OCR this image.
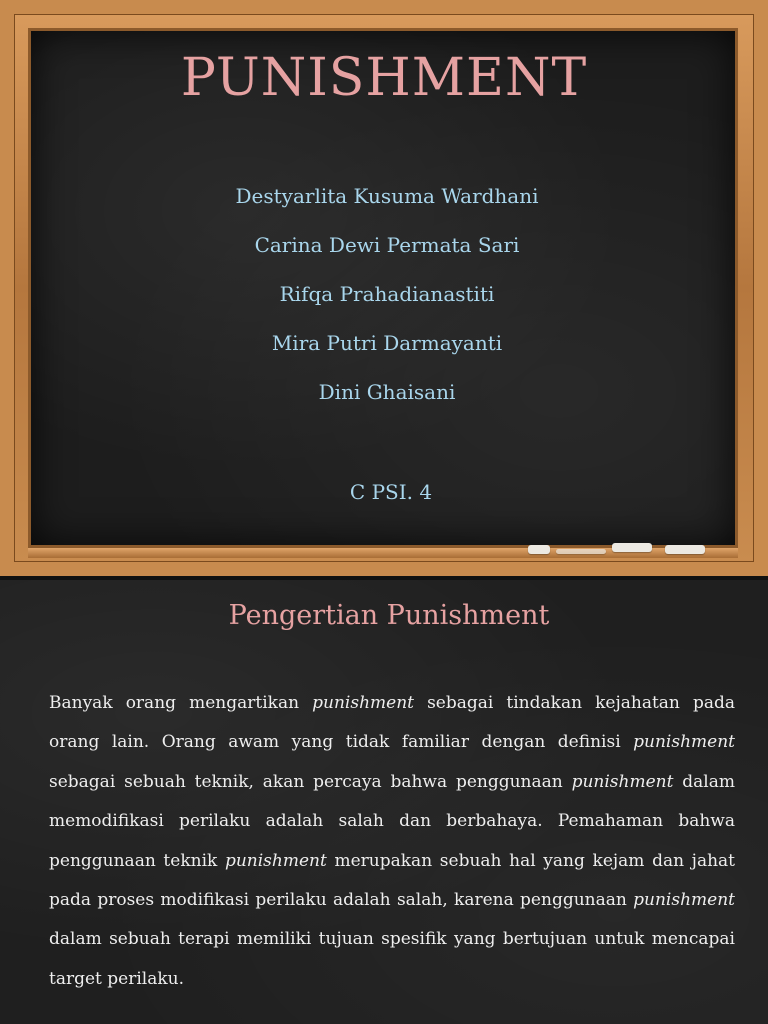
PUNISHMENT
Destyarlita Kusuma Wardhani
Carina Dewi Permata Sari
Rifqa Prahadianastiti
Mira Putri Darmayanti
Dini Ghaisani
C PSI. 4
Pengertian Punishment

Banyak orang mengartikan punishment sebagai tindakan kejahatan pada orang lain. Orang awam yang tidak familiar dengan definisi punishment sebagai sebuah teknik, akan percaya bahwa penggunaan punishment dalam memodifikasi perilaku adalah salah dan berbahaya. Pemahaman bahwa penggunaan teknik punishment merupakan sebuah hal yang kejam dan jahat pada proses modifikasi perilaku adalah salah, karena penggunaan punishment dalam sebuah terapi memiliki tujuan spesifik yang bertujuan untuk mencapai target perilaku.
